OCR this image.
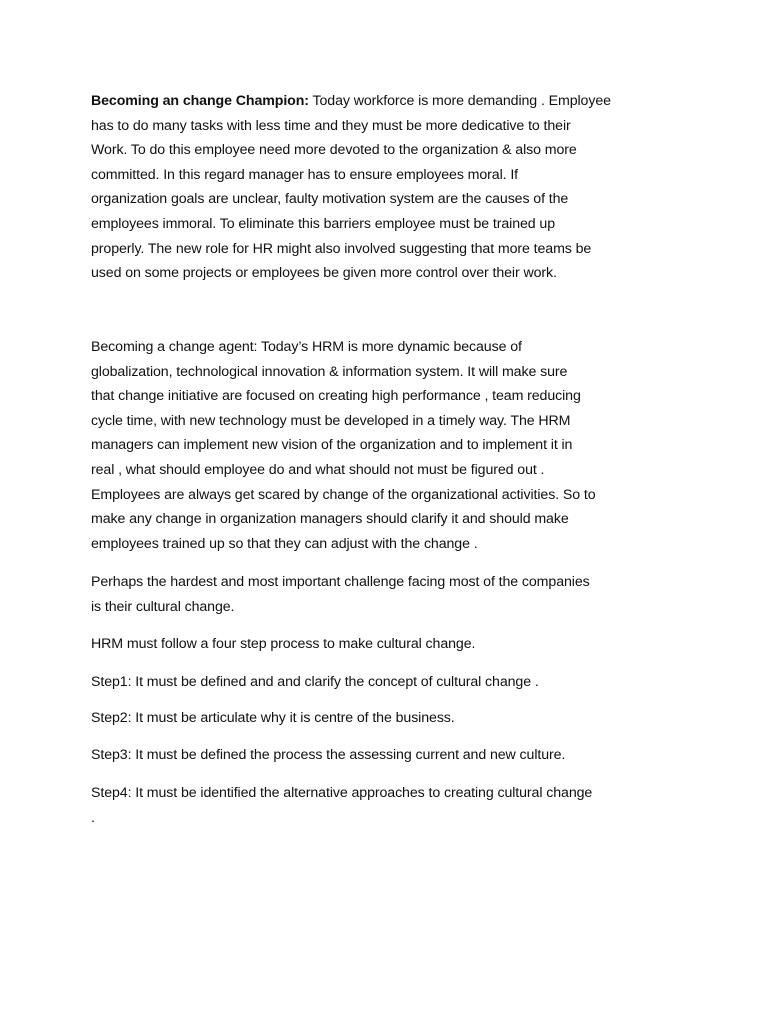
Becoming an change Champion: Today workforce is more demanding . Employee
has to do many tasks with less time and they must be more dedicative to their
Work. To do this employee need more devoted to the organization & also more
committed. In this regard manager has to ensure employees moral. If
organization goals are unclear, faulty motivation system are the causes of the
employees immoral. To eliminate this barriers employee must be trained up
properly. The new role for HR might also involved suggesting that more teams be
used on some projects or employees be given more control over their work.

Becoming a change agent: Today’s HRM is more dynamic because of
globalization, technological innovation & information system. It will make sure
that change initiative are focused on creating high performance , team reducing
cycle time, with new technology must be developed in a timely way. The HRM
managers can implement new vision of the organization and to implement it in
real , what should employee do and what should not must be figured out .
Employees are always get scared by change of the organizational activities. So to
make any change in organization managers should clarify it and should make
employees trained up so that they can adjust with the change .

Perhaps the hardest and most important challenge facing most of the companies
is their cultural change.

HRM must follow a four step process to make cultural change.

Step1: It must be defined and and clarify the concept of cultural change .

Step2: It must be articulate why it is centre of the business.

Step3: It must be defined the process the assessing current and new culture.

Step4: It must be identified the alternative approaches to creating cultural change
.
